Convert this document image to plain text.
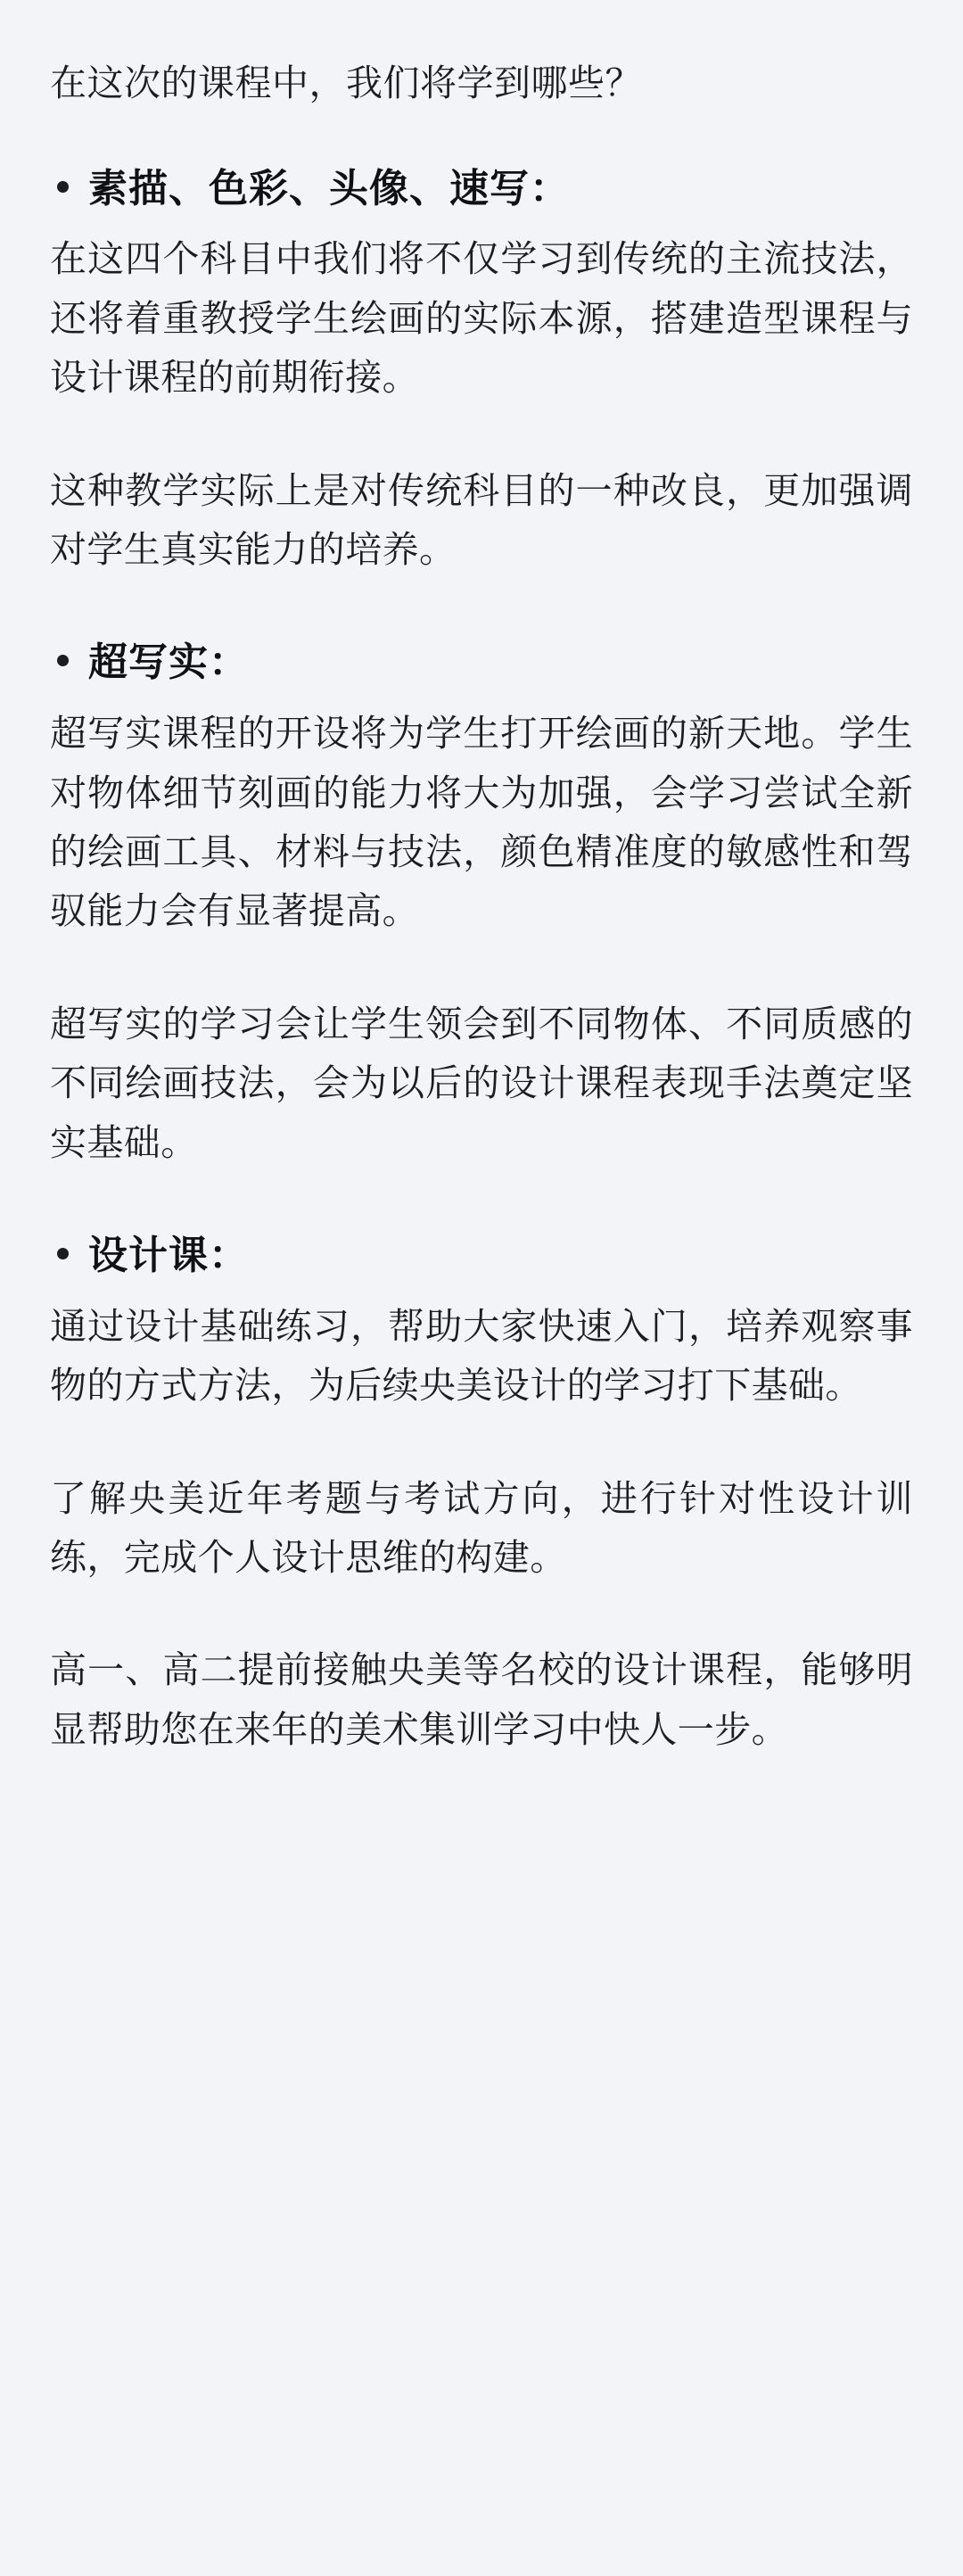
在这次的课程中，我们将学到哪些？

素描、色彩、头像、速写：

在这四个科目中我们将不仅学习到传统的主流技法，还将着重教授学生绘画的实际本源，搭建造型课程与设计课程的前期衔接。

这种教学实际上是对传统科目的一种改良，更加强调对学生真实能力的培养。

超写实：

超写实课程的开设将为学生打开绘画的新天地。学生对物体细节刻画的能力将大为加强，会学习尝试全新的绘画工具、材料与技法，颜色精准度的敏感性和驾驭能力会有显著提高。

超写实的学习会让学生领会到不同物体、不同质感的不同绘画技法，会为以后的设计课程表现手法奠定坚实基础。

设计课：

通过设计基础练习，帮助大家快速入门，培养观察事物的方式方法，为后续央美设计的学习打下基础。

了解央美近年考题与考试方向，进行针对性设计训练，完成个人设计思维的构建。

高一、高二提前接触央美等名校的设计课程，能够明显帮助您在来年的美术集训学习中快人一步。
